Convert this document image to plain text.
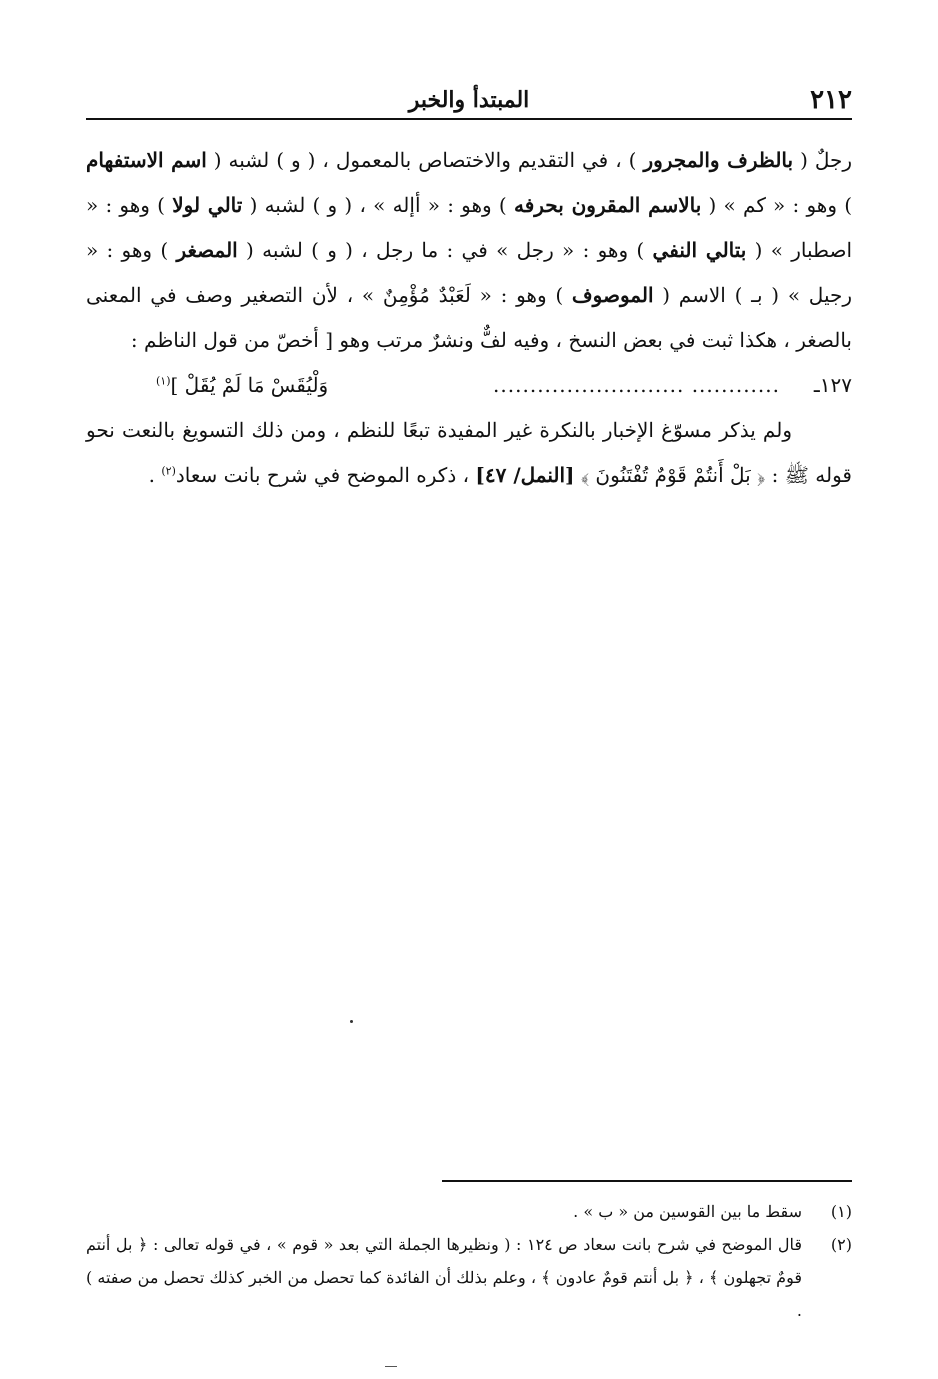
٢١٢
المبتدأ والخبر

رجلٌ ( بالظرف والمجرور ) ، في التقديم والاختصاص بالمعمول ، ( و ) لشبه ( اسم الاستفهام ) وهو : « كم » ( بالاسم المقرون بحرفه ) وهو : « أإله » ، ( و ) لشبه ( تالي لولا ) وهو : « اصطبار » ( بتالي النفي ) وهو : « رجل » في : ما رجل ، ( و ) لشبه ( المصغر ) وهو : « رجيل » ( بـ ) الاسم ( الموصوف ) وهو : « لَعَبْدٌ مُؤْمِنٌ » ، لأن التصغير وصف في المعنى بالصغر ، هكذا ثبت في بعض النسخ ، وفيه لفٌّ ونشرٌ مرتب وهو [ أخصّ من قول الناظم :

١٢٧ـ
............ ..........................
وَلْيُقَسْ مَا لَمْ يُقَلْ ]$^{(١)}$

ولم يذكر مسوّغ الإخبار بالنكرة غير المفيدة تبعًا للنظم ، ومن ذلك التسويغ بالنعت نحو قوله ﷺ : ﴿ بَلْ أَنتُمْ قَوْمٌ تُفْتَنُونَ ﴾ [النمل/ ٤٧] ، ذكره الموضح في شرح بانت سعاد$^{(٢)}$ .

(١)
سقط ما بين القوسين من « ب » .
(٢)
قال الموضح في شرح بانت سعاد ص ١٢٤ : ( ونظيرها الجملة التي بعد « قوم » ، في قوله تعالى : ﴿ بل أنتم قومٌ تجهلون ﴾ ، ﴿ بل أنتم قومٌ عادون ﴾ ، وعلم بذلك أن الفائدة كما تحصل من الخبر كذلك تحصل من صفته ) .
